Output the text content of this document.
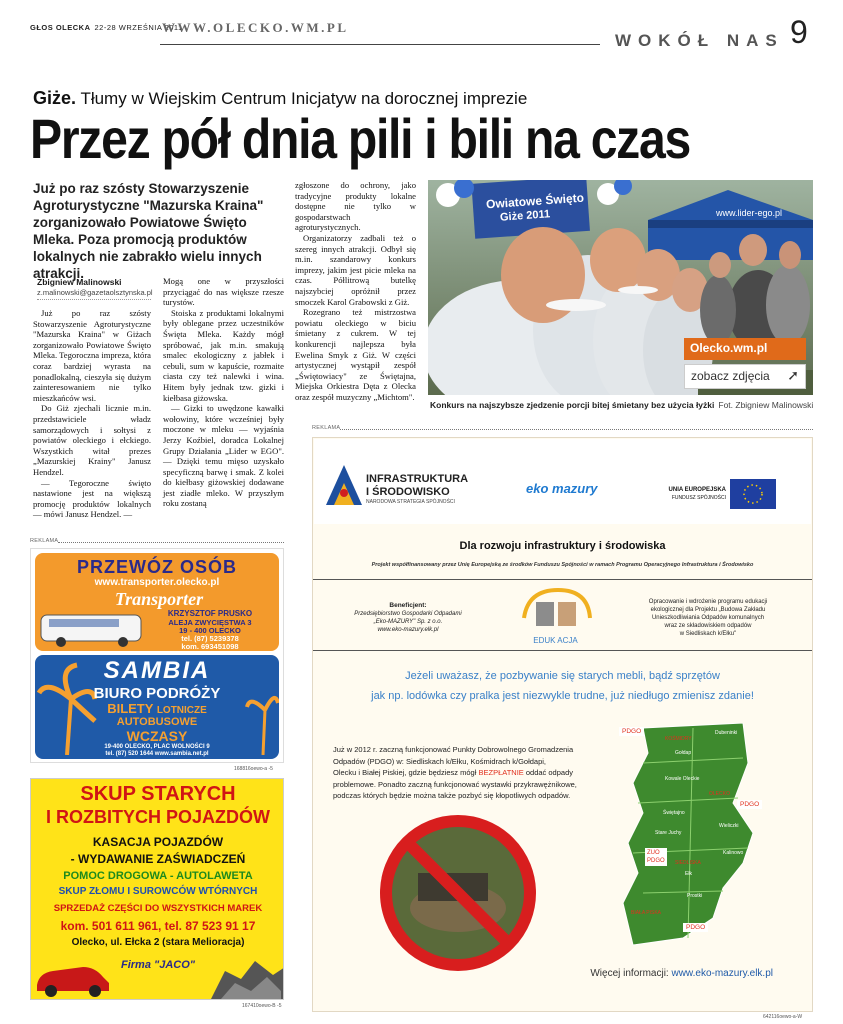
GŁOS OLECKA 22-28 WRZEŚNIA 2011
WWW.OLECKO.WM.PL
WOKÓŁ NAS 9
Giże. Tłumy w Wiejskim Centrum Inicjatyw na dorocznej imprezie
Przez pół dnia pili i bili na czas
Już po raz szósty Stowarzyszenie Agroturystyczne "Mazurska Kraina" zorganizowało Powiatowe Święto Mleka. Poza promocją produktów lokalnych nie zabrakło wielu innych atrakcji.
Zbigniew Malinowski
z.malinowski@gazetaolsztynska.pl

Już po raz szósty Stowarzyszenie Agroturystyczne "Mazurska Kraina" w Giżach zorganizowało Powiatowe Święto Mleka. Tegoroczna impreza, która coraz bardziej wyrasta na ponadlokalną, cieszyła się dużym zainteresowaniem nie tylko mieszkańców wsi.

Do Giż zjechali licznie m.in. przedstawiciele władz samorządowych i sołtysi z powiatów oleckiego i ełckiego. Wszystkich witał prezes „Mazurskiej Krainy" Janusz Hendzel.

— Tegoroczne święto nastawione jest na większą promocję produktów lokalnych — mówi Janusz Hendzel. —

Mogą one w przyszłości przyciągać do nas większe rzesze turystów.

Stoiska z produktami lokalnymi były oblegane przez uczestników Święta Mleka. Każdy mógł spróbować, jak m.in. smakują smalec ekologiczny z jabłek i cebuli, sum w kapuście, rozmaite ciasta czy też nalewki i wina. Hitem były jednak tzw. gizki i kiełbasa giżowska.

— Gizki to uwędzone kawałki wołowiny, które wcześniej były moczone w mleku — wyjaśnia Jerzy Koźbiel, doradca Lokalnej Grupy Działania „Lider w EGO". — Dzięki temu mięso uzyskało specyficzną barwę i smak. Z kolei do kiełbasy giżowskiej dodawane jest ziadłe mleko. W przyszłym roku zostaną

zgłoszone do ochrony, jako tradycyjne produkty lokalne dostępne nie tylko w gospodarstwach agroturystycznych.

Organizatorzy zadbali też o szereg innych atrakcji. Odbył się m.in. szandarowy konkurs imprezy, jakim jest picie mleka na czas. Półlitrową butelkę najszybciej opróżnił przez smoczek Karol Grabowski z Giż.

Rozegrano też mistrzostwa powiatu oleckiego w biciu śmietany z cukrem. W tej konkurencji najlepsza była Ewelina Smyk z Giż. W części artystycznej wystąpił zespół „Świętowiacy" ze Świętajna, Miejska Orkiestra Dęta z Olecka oraz zespół muzyczny „Michtom".

Owiatowe Święto
Giże 2011	www.lider-ego.pl
Olecko.wm.pl
zobacz zdjęcia ➚
Konkurs na najszybsze zjedzenie porcji bitej śmietany bez użycia łyżki Fot. Zbigniew Malinowski
REKLAMA
REKLAMA
PRZEWÓZ OSÓB
www.transporter.olecko.pl
Transporter
KRZYSZTOF PRUSKO
ALEJA ZWYCIĘSTWA 3
19 - 400 OLECKO
tel. (87) 5239378
kom. 693451098
SAMBIA
BIURO PODRÓŻY
BILETY LOTNICZE
AUTOBUSOWE
WCZASY
19-400 OLECKO, PLAC WOLNOŚCI 9
tel. (87) 520 1644 www.sambia.net.pl
168816oewo-a -5
SKUP STARYCH
I ROZBITYCH POJAZDÓW
KASACJA POJAZDÓW
- WYDAWANIE ZAŚWIADCZEŃ
POMOC DROGOWA - AUTOLAWETA
SKUP ZŁOMU I SUROWCÓW WTÓRNYCH
SPRZEDAŻ CZĘŚCI DO WSZYSTKICH MAREK
kom. 501 611 961, tel. 87 523 91 17
Olecko, ul. Ełcka 2 (stara Melioracja)
Firma "JACO"
167410oewo-B -5
INFRASTRUKTURA
I ŚRODOWISKO
NARODOWA STRATEGIA SPÓJNOŚCI
eko mazury	UNIA EUROPEJSKA
FUNDUSZ SPÓJNOŚCI
Dla rozwoju infrastruktury i środowiska
Projekt współfinansowany przez Unię Europejską ze środków Funduszu Spójności w ramach Programu Operacyjnego Infrastruktura i Środowisko
Beneficjent:
Przedsiębiorstwo Gospodarki Odpadami
„Eko-MAZURY" Sp. z o.o.
www.eko-mazury.elk.pl
EDUK ACJA
Opracowanie i wdrożenie programu edukacji
ekologicznej dla Projektu „Budowa Zakładu
Unieszkodliwiania Odpadów komunalnych
wraz ze składowiskiem odpadów
w Siedliskach k/Ełku"
Jeżeli uważasz, że pozbywanie się starych mebli, bądź sprzętów
jak np. lodówka czy pralka jest niezwykle trudne, już niedługo zmienisz zdanie!
Już w 2012 r. zaczną funkcjonować Punkty Dobrowolnego Gromadzenia
Odpadów (PDGO) w: Siedliskach k/Ełku, Kośmidrach k/Gołdapi,
Olecku i Białej Piskiej, gdzie będziesz mógł BEZPŁATNIE oddać odpady
problemowe. Ponadto zaczną funkcjonować wystawki przykrawężnikowe,
podczas których będzie można także pozbyć się kłopotliwych odpadów.
PDGO
KOŚMIDRY
Gołdap
Dubeninki
Kowale Oleckie
OLECKO
PDGO
Świętajno
Wieliczki
Stare Juchy
Kalinowo
ZUO
PDGO SIEDLISKA
Ełk
Prostki
BIAŁA PISKA
PDGO
Więcej informacji: www.eko-mazury.elk.pl
642116oewo-a-W
